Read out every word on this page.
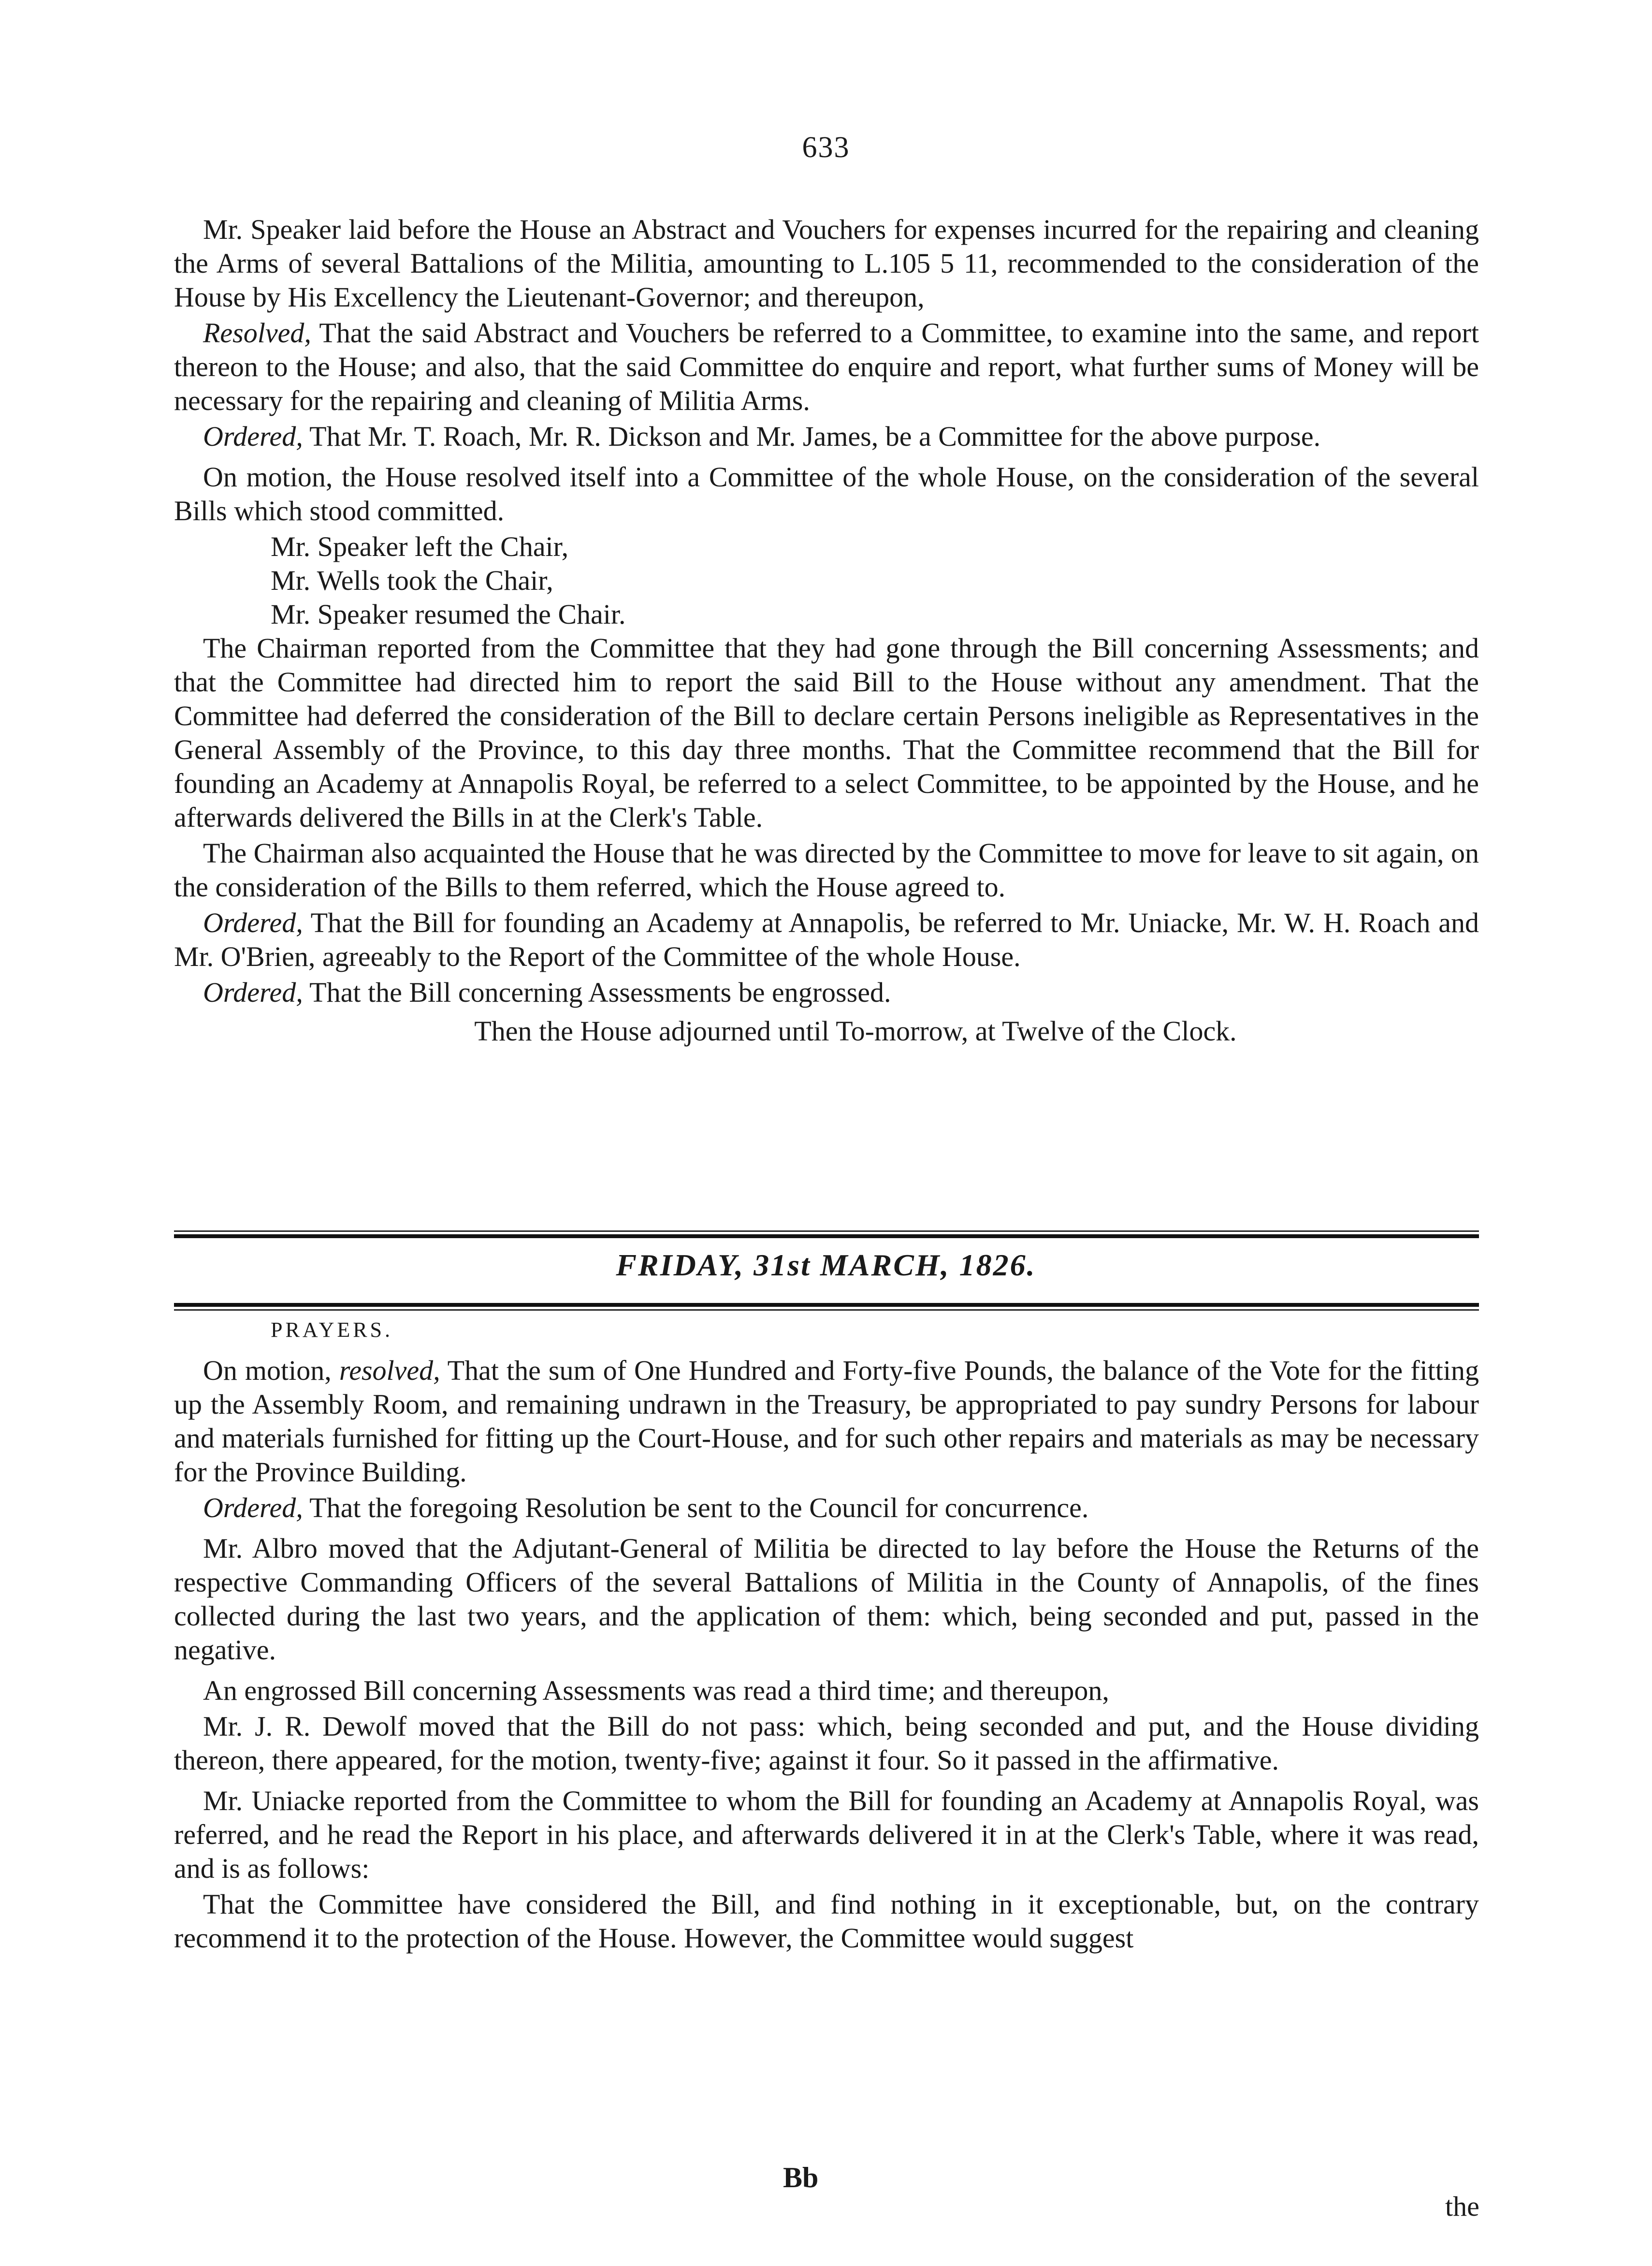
633

Mr. Speaker laid before the House an Abstract and Vouchers for expenses incurred for the repairing and cleaning the Arms of several Battalions of the Militia, amounting to L.105 5 11, recommended to the consideration of the House by His Excellency the Lieutenant-Governor; and thereupon,

Resolved, That the said Abstract and Vouchers be referred to a Committee, to examine into the same, and report thereon to the House; and also, that the said Committee do enquire and report, what further sums of Money will be necessary for the repairing and cleaning of Militia Arms.

Ordered, That Mr. T. Roach, Mr. R. Dickson and Mr. James, be a Committee for the above purpose.

On motion, the House resolved itself into a Committee of the whole House, on the consideration of the several Bills which stood committed.

Mr. Speaker left the Chair,

Mr. Wells took the Chair,

Mr. Speaker resumed the Chair.

The Chairman reported from the Committee that they had gone through the Bill concerning Assessments; and that the Committee had directed him to report the said Bill to the House without any amendment. That the Committee had deferred the consideration of the Bill to declare certain Persons ineligible as Representatives in the General Assembly of the Province, to this day three months. That the Committee recommend that the Bill for founding an Academy at Annapolis Royal, be referred to a select Committee, to be appointed by the House, and he afterwards delivered the Bills in at the Clerk's Table.

The Chairman also acquainted the House that he was directed by the Committee to move for leave to sit again, on the consideration of the Bills to them referred, which the House agreed to.

Ordered, That the Bill for founding an Academy at Annapolis, be referred to Mr. Uniacke, Mr. W. H. Roach and Mr. O'Brien, agreeably to the Report of the Committee of the whole House.

Ordered, That the Bill concerning Assessments be engrossed.

Then the House adjourned until To-morrow, at Twelve of the Clock.

FRIDAY, 31st MARCH, 1826.
PRAYERS.

On motion, resolved, That the sum of One Hundred and Forty-five Pounds, the balance of the Vote for the fitting up the Assembly Room, and remaining undrawn in the Treasury, be appropriated to pay sundry Persons for labour and materials furnished for fitting up the Court-House, and for such other repairs and materials as may be necessary for the Province Building.

Ordered, That the foregoing Resolution be sent to the Council for concurrence.

Mr. Albro moved that the Adjutant-General of Militia be directed to lay before the House the Returns of the respective Commanding Officers of the several Battalions of Militia in the County of Annapolis, of the fines collected during the last two years, and the application of them: which, being seconded and put, passed in the negative.

An engrossed Bill concerning Assessments was read a third time; and thereupon,

Mr. J. R. Dewolf moved that the Bill do not pass: which, being seconded and put, and the House dividing thereon, there appeared, for the motion, twenty-five; against it four. So it passed in the affirmative.

Mr. Uniacke reported from the Committee to whom the Bill for founding an Academy at Annapolis Royal, was referred, and he read the Report in his place, and afterwards delivered it in at the Clerk's Table, where it was read, and is as follows:

That the Committee have considered the Bill, and find nothing in it exceptionable, but, on the contrary recommend it to the protection of the House. However, the Committee would suggest

Bb
the
